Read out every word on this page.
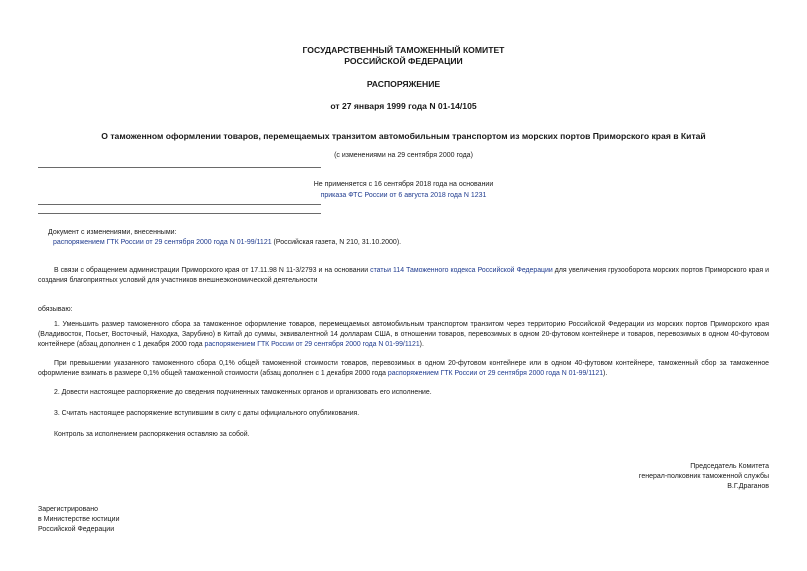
ГОСУДАРСТВЕННЫЙ ТАМОЖЕННЫЙ КОМИТЕТ
РОССИЙСКОЙ ФЕДЕРАЦИИ
РАСПОРЯЖЕНИЕ
от 27 января 1999 года N 01-14/105
О таможенном оформлении товаров, перемещаемых транзитом автомобильным транспортом из морских портов Приморского края в Китай
(с изменениями на 29 сентября 2000 года)
Не применяется с 16 сентября 2018 года на основании
приказа ФТС России от 6 августа 2018 года N 1231
Документ с изменениями, внесенными:
распоряжением ГТК России от 29 сентября 2000 года N 01-99/1121 (Российская газета, N 210, 31.10.2000).
В связи с обращением администрации Приморского края от 17.11.98 N 11-3/2793 и на основании статьи 114 Таможенного кодекса Российской Федерации для увеличения грузооборота морских портов Приморского края и создания благоприятных условий для участников внешнеэкономической деятельности
обязываю:
1. Уменьшить размер таможенного сбора за таможенное оформление товаров, перемещаемых автомобильным транспортом транзитом через территорию Российской Федерации из морских портов Приморского края (Владивосток, Посьет, Восточный, Находка, Зарубино) в Китай до суммы, эквивалентной 14 долларам США, в отношении товаров, перевозимых в одном 20-футовом контейнере и товаров, перевозимых в одном 40-футовом контейнере (абзац дополнен с 1 декабря 2000 года распоряжением ГТК России от 29 сентября 2000 года N 01-99/1121).
При превышении указанного таможенного сбора 0,1% общей таможенной стоимости товаров, перевозимых в одном 20-футовом контейнере или в одном 40-футовом контейнере, таможенный сбор за таможенное оформление взимать в размере 0,1% общей таможенной стоимости (абзац дополнен с 1 декабря 2000 года распоряжением ГТК России от 29 сентября 2000 года N 01-99/1121).
2. Довести настоящее распоряжение до сведения подчиненных таможенных органов и организовать его исполнение.
3. Считать настоящее распоряжение вступившим в силу с даты официального опубликования.
Контроль за исполнением распоряжения оставляю за собой.
Председатель Комитета
генерал-полковник таможенной службы
В.Г.Драганов
Зарегистрировано
в Министерстве юстиции
Российской Федерации
